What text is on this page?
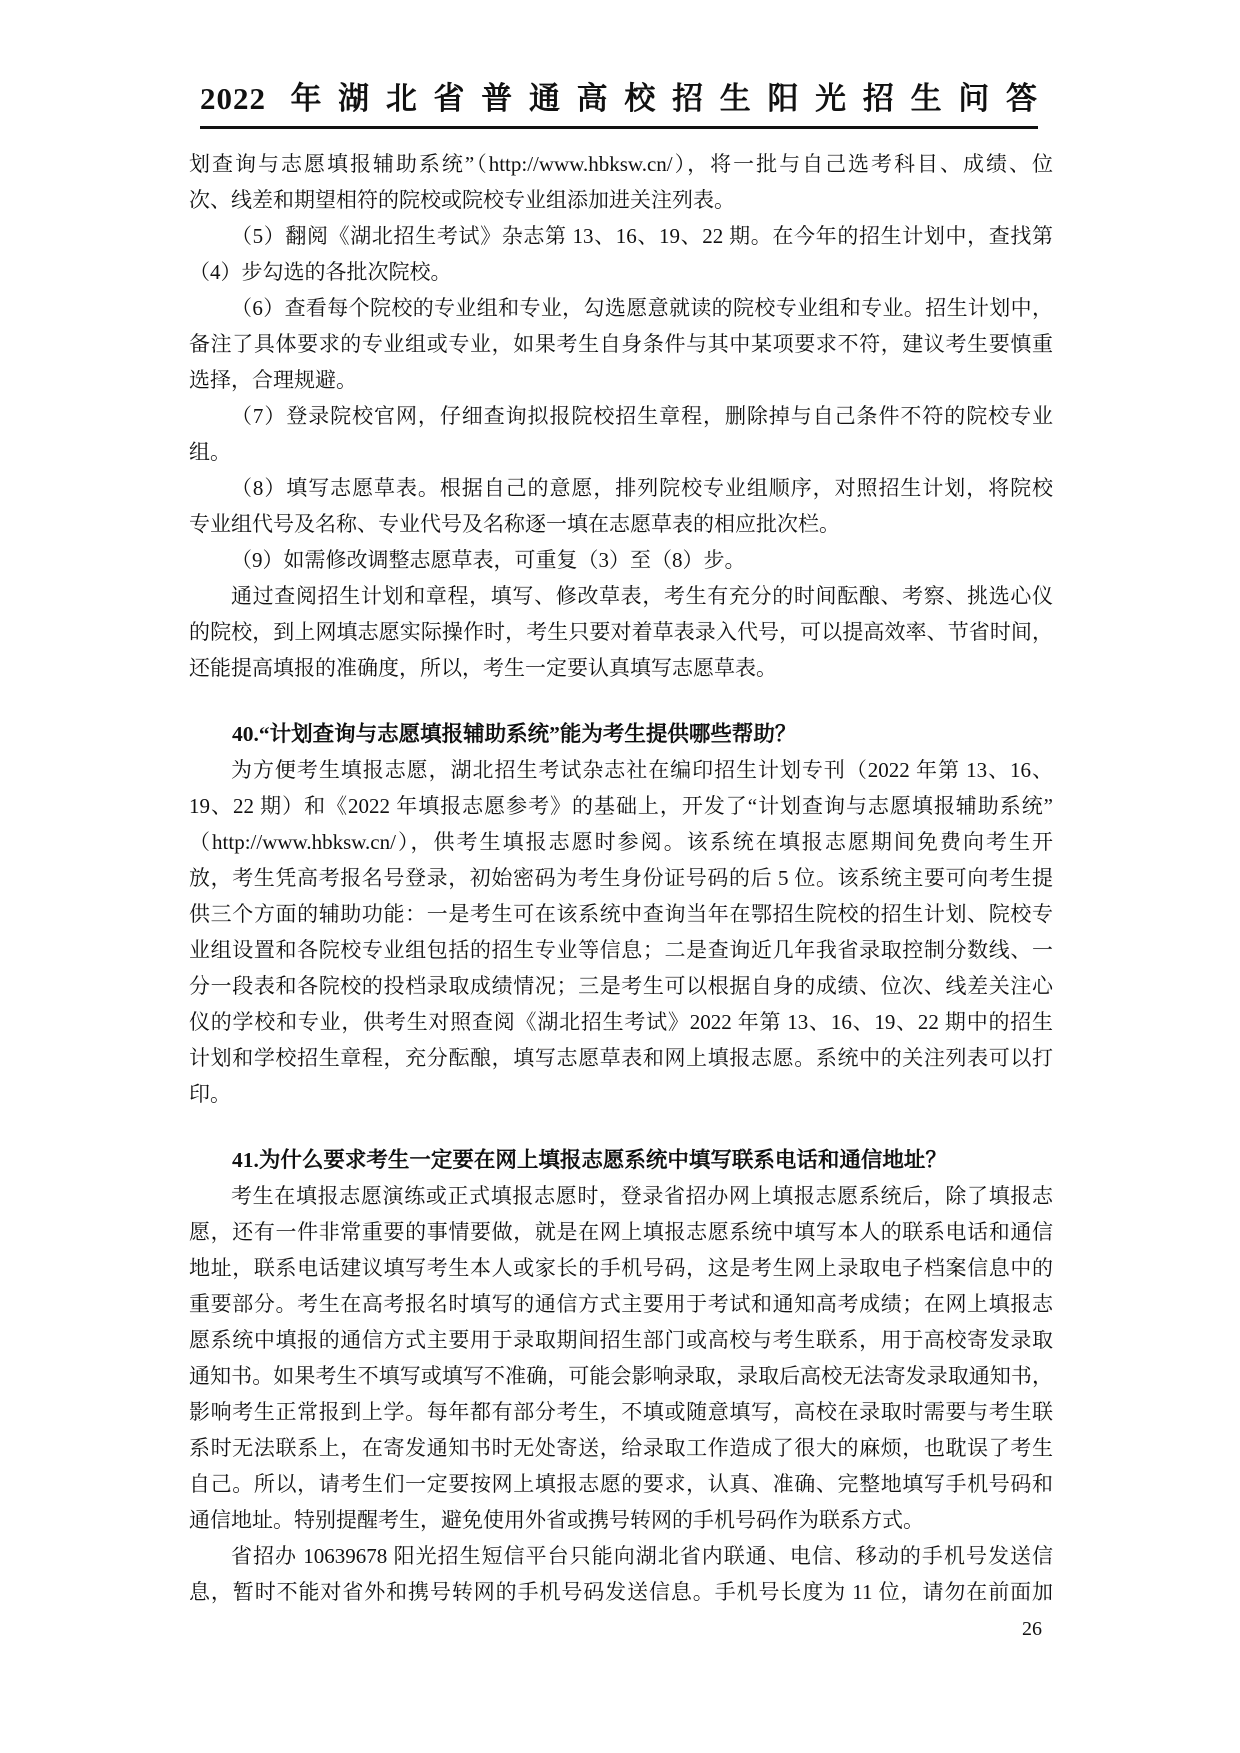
2022 年湖北省普通高校招生阳光招生问答
划查询与志愿填报辅助系统”（http://www.hbksw.cn/），将一批与自己选考科目、成绩、位
次、线差和期望相符的院校或院校专业组添加进关注列表。
（5）翻阅《湖北招生考试》杂志第 13、16、19、22 期。在今年的招生计划中，查找第
（4）步勾选的各批次院校。
（6）查看每个院校的专业组和专业，勾选愿意就读的院校专业组和专业。招生计划中，
备注了具体要求的专业组或专业，如果考生自身条件与其中某项要求不符，建议考生要慎重
选择，合理规避。
（7）登录院校官网，仔细查询拟报院校招生章程，删除掉与自己条件不符的院校专业
组。
（8）填写志愿草表。根据自己的意愿，排列院校专业组顺序，对照招生计划，将院校
专业组代号及名称、专业代号及名称逐一填在志愿草表的相应批次栏。
（9）如需修改调整志愿草表，可重复（3）至（8）步。
通过查阅招生计划和章程，填写、修改草表，考生有充分的时间酝酿、考察、挑选心仪
的院校，到上网填志愿实际操作时，考生只要对着草表录入代号，可以提高效率、节省时间，
还能提高填报的准确度，所以，考生一定要认真填写志愿草表。
40.“计划查询与志愿填报辅助系统”能为考生提供哪些帮助？
为方便考生填报志愿，湖北招生考试杂志社在编印招生计划专刊（2022 年第 13、16、
19、22 期）和《2022 年填报志愿参考》的基础上，开发了“计划查询与志愿填报辅助系统”
（http://www.hbksw.cn/），供考生填报志愿时参阅。该系统在填报志愿期间免费向考生开
放，考生凭高考报名号登录，初始密码为考生身份证号码的后 5 位。该系统主要可向考生提
供三个方面的辅助功能：一是考生可在该系统中查询当年在鄂招生院校的招生计划、院校专
业组设置和各院校专业组包括的招生专业等信息；二是查询近几年我省录取控制分数线、一
分一段表和各院校的投档录取成绩情况；三是考生可以根据自身的成绩、位次、线差关注心
仪的学校和专业，供考生对照查阅《湖北招生考试》2022 年第 13、16、19、22 期中的招生
计划和学校招生章程，充分酝酿，填写志愿草表和网上填报志愿。系统中的关注列表可以打
印。
41.为什么要求考生一定要在网上填报志愿系统中填写联系电话和通信地址？
考生在填报志愿演练或正式填报志愿时，登录省招办网上填报志愿系统后，除了填报志
愿，还有一件非常重要的事情要做，就是在网上填报志愿系统中填写本人的联系电话和通信
地址，联系电话建议填写考生本人或家长的手机号码，这是考生网上录取电子档案信息中的
重要部分。考生在高考报名时填写的通信方式主要用于考试和通知高考成绩；在网上填报志
愿系统中填报的通信方式主要用于录取期间招生部门或高校与考生联系，用于高校寄发录取
通知书。如果考生不填写或填写不准确，可能会影响录取，录取后高校无法寄发录取通知书，
影响考生正常报到上学。每年都有部分考生，不填或随意填写，高校在录取时需要与考生联
系时无法联系上，在寄发通知书时无处寄送，给录取工作造成了很大的麻烦，也耽误了考生
自己。所以，请考生们一定要按网上填报志愿的要求，认真、准确、完整地填写手机号码和
通信地址。特别提醒考生，避免使用外省或携号转网的手机号码作为联系方式。
省招办 10639678 阳光招生短信平台只能向湖北省内联通、电信、移动的手机号发送信
息，暂时不能对省外和携号转网的手机号码发送信息。手机号长度为 11 位，请勿在前面加
26
